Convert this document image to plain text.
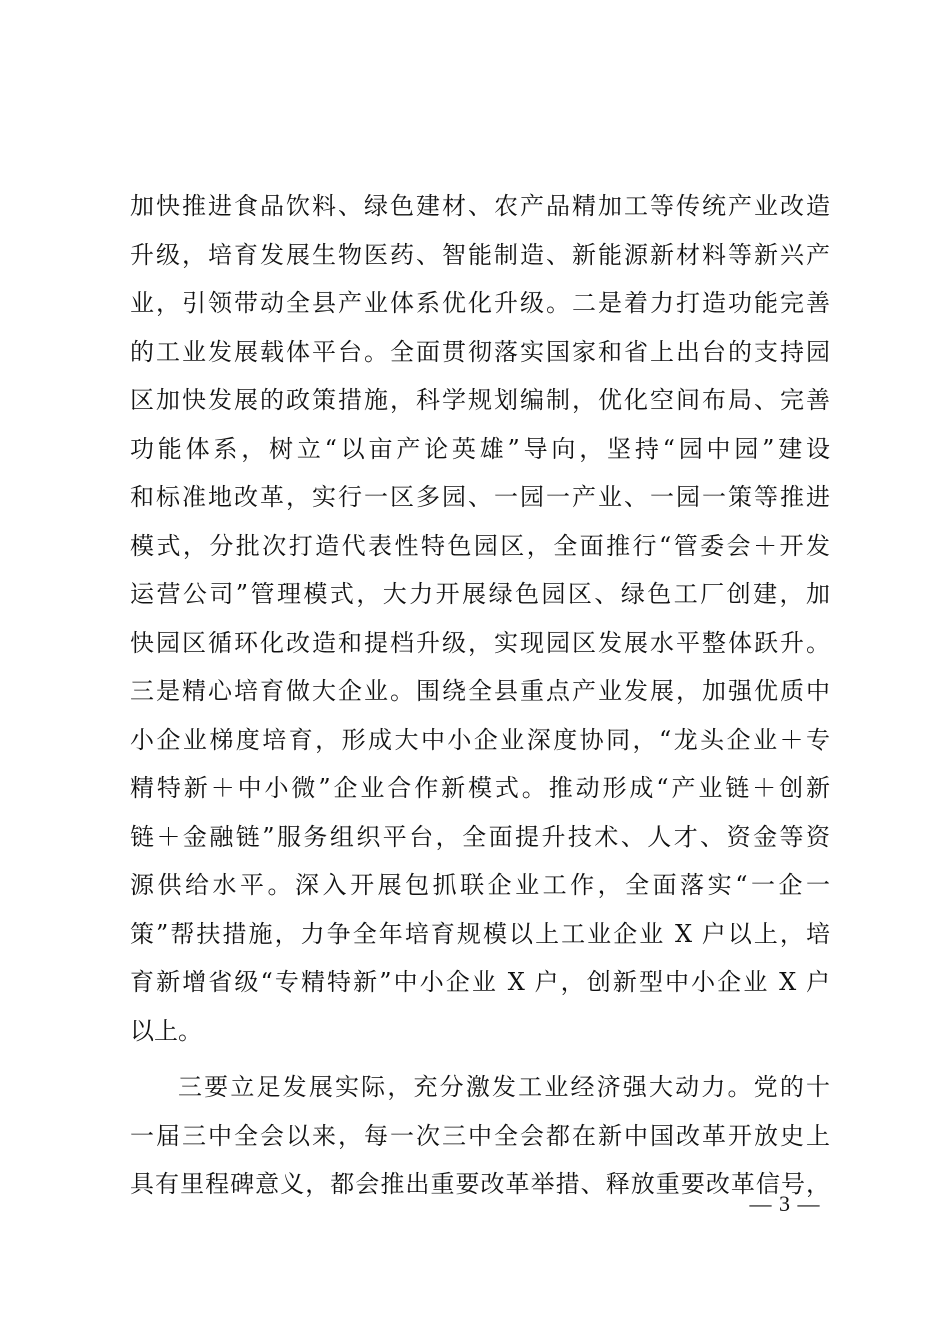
加快推进食品饮料、绿色建材、农产品精加工等传统产业改造
升级，培育发展生物医药、智能制造、新能源新材料等新兴产
业，引领带动全县产业体系优化升级。二是着力打造功能完善
的工业发展载体平台。全面贯彻落实国家和省上出台的支持园
区加快发展的政策措施，科学规划编制，优化空间布局、完善
功能体系，树立“以亩产论英雄”导向，坚持“园中园”建设
和标准地改革，实行一区多园、一园一产业、一园一策等推进
模式，分批次打造代表性特色园区，全面推行“管委会＋开发
运营公司”管理模式，大力开展绿色园区、绿色工厂创建，加
快园区循环化改造和提档升级，实现园区发展水平整体跃升。
三是精心培育做大企业。围绕全县重点产业发展，加强优质中
小企业梯度培育，形成大中小企业深度协同，“龙头企业＋专
精特新＋中小微”企业合作新模式。推动形成“产业链＋创新
链＋金融链”服务组织平台，全面提升技术、人才、资金等资
源供给水平。深入开展包抓联企业工作，全面落实“一企一
策”帮扶措施，力争全年培育规模以上工业企业 X 户以上，培
育新增省级“专精特新”中小企业 X 户，创新型中小企业 X 户
以上。
三要立足发展实际，充分激发工业经济强大动力。党的十
一届三中全会以来，每一次三中全会都在新中国改革开放史上
具有里程碑意义，都会推出重要改革举措、释放重要改革信号，
— 3 —
